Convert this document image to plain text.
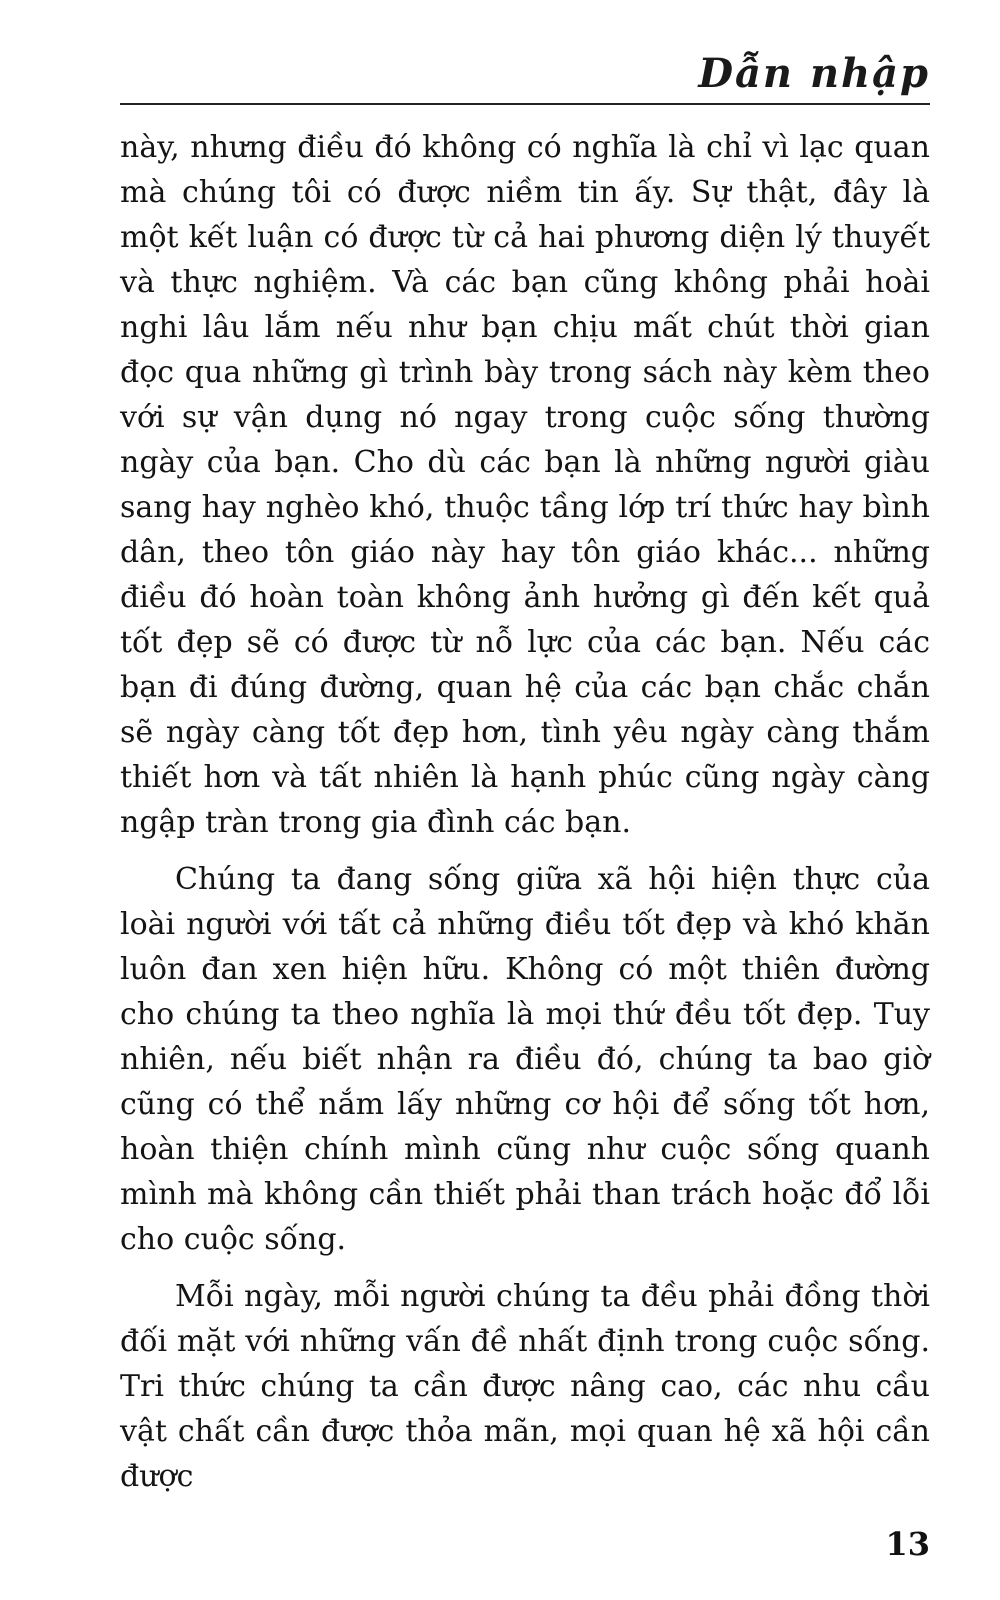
Dẫn nhập

này, nhưng điều đó không có nghĩa là chỉ vì lạc quan mà chúng tôi có được niềm tin ấy. Sự thật, đây là một kết luận có được từ cả hai phương diện lý thuyết và thực nghiệm. Và các bạn cũng không phải hoài nghi lâu lắm nếu như bạn chịu mất chút thời gian đọc qua những gì trình bày trong sách này kèm theo với sự vận dụng nó ngay trong cuộc sống thường ngày của bạn. Cho dù các bạn là những người giàu sang hay nghèo khó, thuộc tầng lớp trí thức hay bình dân, theo tôn giáo này hay tôn giáo khác... những điều đó hoàn toàn không ảnh hưởng gì đến kết quả tốt đẹp sẽ có được từ nỗ lực của các bạn. Nếu các bạn đi đúng đường, quan hệ của các bạn chắc chắn sẽ ngày càng tốt đẹp hơn, tình yêu ngày càng thắm thiết hơn và tất nhiên là hạnh phúc cũng ngày càng ngập tràn trong gia đình các bạn.

Chúng ta đang sống giữa xã hội hiện thực của loài người với tất cả những điều tốt đẹp và khó khăn luôn đan xen hiện hữu. Không có một thiên đường cho chúng ta theo nghĩa là mọi thứ đều tốt đẹp. Tuy nhiên, nếu biết nhận ra điều đó, chúng ta bao giờ cũng có thể nắm lấy những cơ hội để sống tốt hơn, hoàn thiện chính mình cũng như cuộc sống quanh mình mà không cần thiết phải than trách hoặc đổ lỗi cho cuộc sống.

Mỗi ngày, mỗi người chúng ta đều phải đồng thời đối mặt với những vấn đề nhất định trong cuộc sống. Tri thức chúng ta cần được nâng cao, các nhu cầu vật chất cần được thỏa mãn, mọi quan hệ xã hội cần được

13
